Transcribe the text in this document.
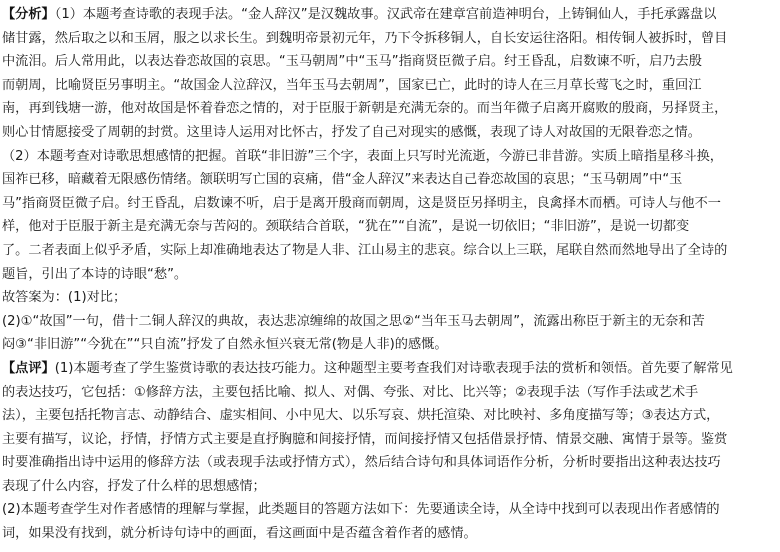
【分析】（1）本题考查诗歌的表现手法。“金人辞汉”是汉魏故事。汉武帝在建章宫前造神明台，上铸铜仙人，手托承露盘以
储甘露，然后取之以和玉屑，服之以求长生。到魏明帝景初元年，乃下令拆移铜人，自长安运往洛阳。相传铜人被拆时，曾目
中流泪。后人常用此，以表达眷恋故国的哀思。“玉马朝周”中“玉马”指商贤臣微子启。纣王昏乱，启数谏不听，启乃去殷
而朝周，比喻贤臣另事明主。“故国金人泣辞汉，当年玉马去朝周”，国家已亡，此时的诗人在三月草长莺飞之时，重回江
南，再到钱塘一游，他对故国是怀着眷恋之情的，对于臣服于新朝是充满无奈的。而当年微子启离开腐败的殷商，另择贤主，
则心甘情愿接受了周朝的封赏。这里诗人运用对比怀古，抒发了自己对现实的感慨，表现了诗人对故国的无限眷恋之情。
（2）本题考查对诗歌思想感情的把握。首联“非旧游”三个字，表面上只写时光流逝，今游已非昔游。实质上暗指星移斗换，
国祚已移，暗藏着无限感伤情绪。颔联明写亡国的哀痛，借“金人辞汉”来表达自己眷恋故国的哀思；“玉马朝周”中“玉
马”指商贤臣微子启。纣王昏乱，启数谏不听，启于是离开殷商而朝周，这是贤臣另择明主，良禽择木而栖。可诗人与他不一
样，他对于臣服于新主是充满无奈与苦闷的。颈联结合首联，“犹在”“自流”，是说一切依旧；“非旧游”，是说一切都变
了。二者表面上似乎矛盾，实际上却准确地表达了物是人非、江山易主的悲哀。综合以上三联，尾联自然而然地导出了全诗的
题旨，引出了本诗的诗眼“愁”。
故答案为：(1)对比；
(2)①“故国”一句，借十二铜人辞汉的典故，表达悲凉缠绵的故国之思②“当年玉马去朝周”，流露出称臣于新主的无奈和苦
闷③“非旧游”“今犹在”“只自流”抒发了自然永恒兴衰无常(物是人非)的感慨。
【点评】(1)本题考查了学生鉴赏诗歌的表达技巧能力。这种题型主要考查我们对诗歌表现手法的赏析和领悟。首先要了解常见
的表达技巧，它包括：①修辞方法，主要包括比喻、拟人、对偶、夸张、对比、比兴等；②表现手法（写作手法或艺术手
法），主要包括托物言志、动静结合、虚实相间、小中见大、以乐写哀、烘托渲染、对比映衬、多角度描写等；③表达方式，
主要有描写，议论，抒情，抒情方式主要是直抒胸臆和间接抒情，而间接抒情又包括借景抒情、情景交融、寓情于景等。鉴赏
时要准确指出诗中运用的修辞方法（或表现手法或抒情方式），然后结合诗句和具体词语作分析，分析时要指出这种表达技巧
表现了什么内容，抒发了什么样的思想感情；
(2)本题考查学生对作者感情的理解与掌握，此类题目的答题方法如下：先要通读全诗，从全诗中找到可以表现出作者感情的
词，如果没有找到，就分析诗句诗中的画面，看这画面中是否蕴含着作者的感情。
